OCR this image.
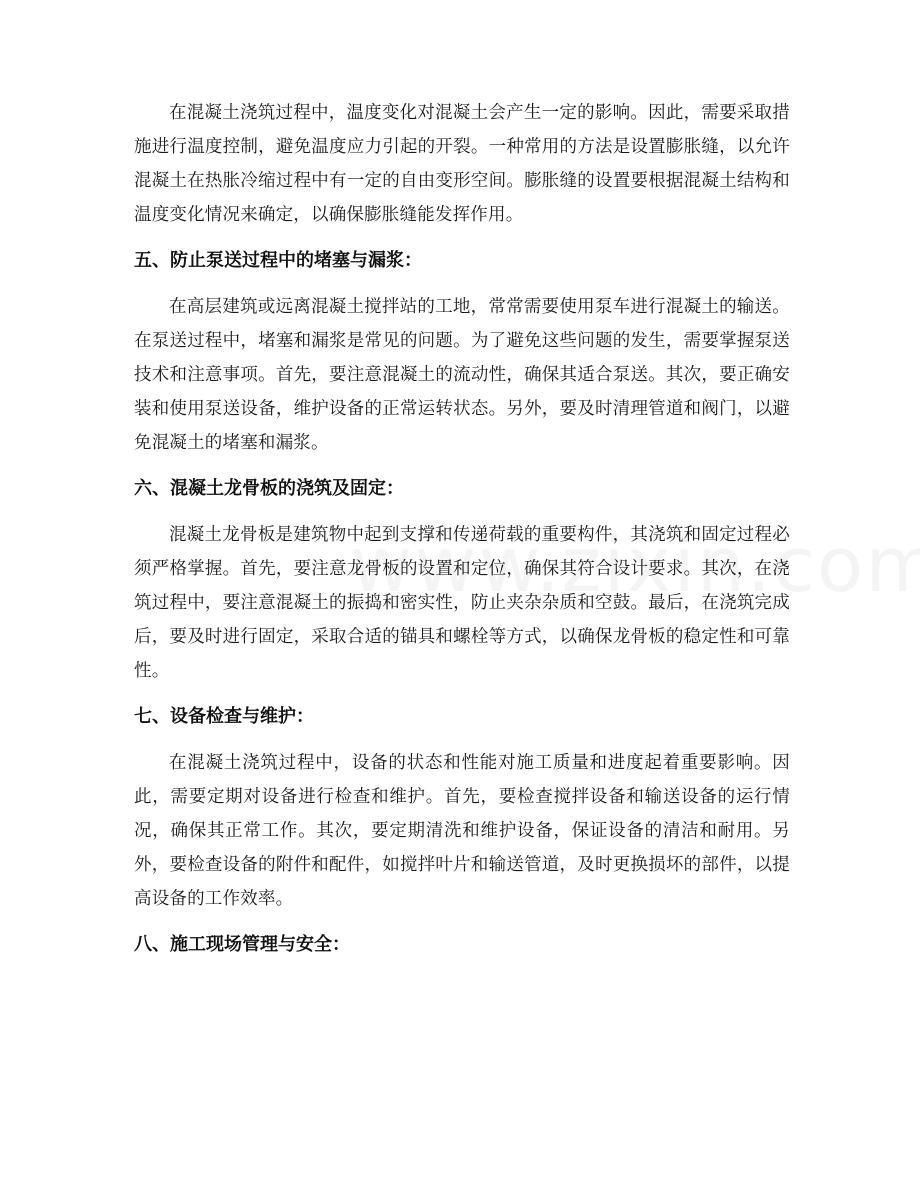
在混凝土浇筑过程中，温度变化对混凝土会产生一定的影响。因此，需要采取措施进行温度控制，避免温度应力引起的开裂。一种常用的方法是设置膨胀缝，以允许混凝土在热胀冷缩过程中有一定的自由变形空间。膨胀缝的设置要根据混凝土结构和温度变化情况来确定，以确保膨胀缝能发挥作用。

五、防止泵送过程中的堵塞与漏浆：

在高层建筑或远离混凝土搅拌站的工地，常常需要使用泵车进行混凝土的输送。在泵送过程中，堵塞和漏浆是常见的问题。为了避免这些问题的发生，需要掌握泵送技术和注意事项。首先，要注意混凝土的流动性，确保其适合泵送。其次，要正确安装和使用泵送设备，维护设备的正常运转状态。另外，要及时清理管道和阀门，以避免混凝土的堵塞和漏浆。

六、混凝土龙骨板的浇筑及固定：

混凝土龙骨板是建筑物中起到支撑和传递荷载的重要构件，其浇筑和固定过程必须严格掌握。首先，要注意龙骨板的设置和定位，确保其符合设计要求。其次，在浇筑过程中，要注意混凝土的振捣和密实性，防止夹杂杂质和空鼓。最后，在浇筑完成后，要及时进行固定，采取合适的锚具和螺栓等方式，以确保龙骨板的稳定性和可靠性。

七、设备检查与维护：

在混凝土浇筑过程中，设备的状态和性能对施工质量和进度起着重要影响。因此，需要定期对设备进行检查和维护。首先，要检查搅拌设备和输送设备的运行情况，确保其正常工作。其次，要定期清洗和维护设备，保证设备的清洁和耐用。另外，要检查设备的附件和配件，如搅拌叶片和输送管道，及时更换损坏的部件，以提高设备的工作效率。

八、施工现场管理与安全：
